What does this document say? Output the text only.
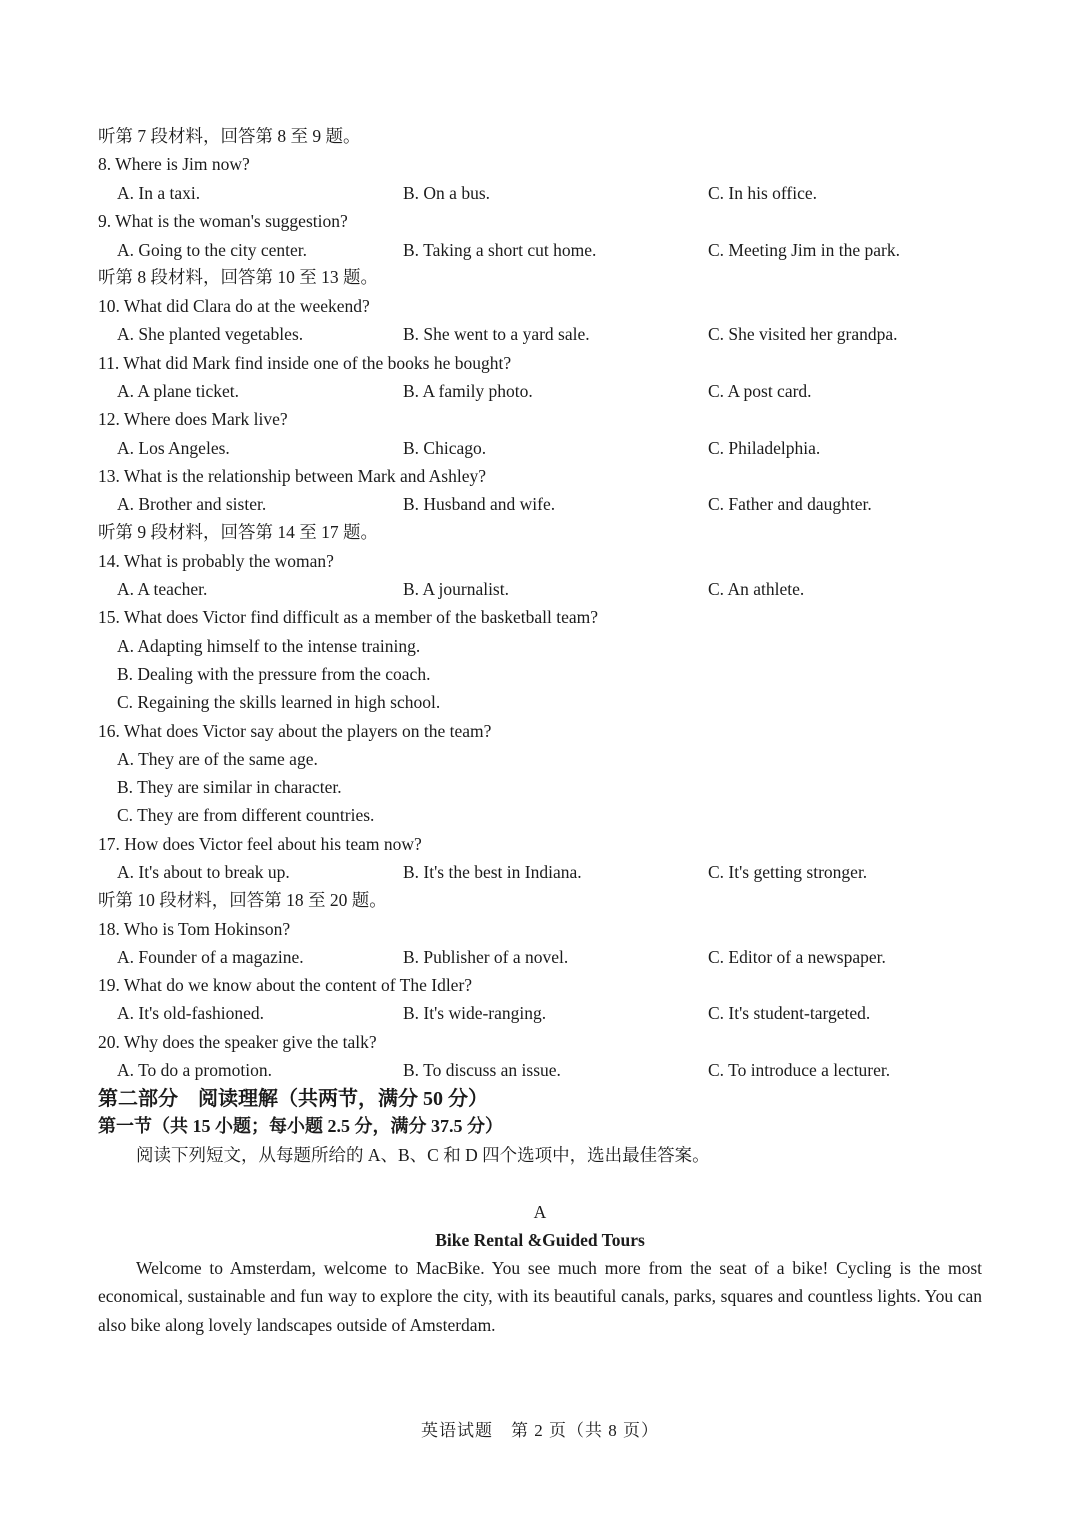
听第 7 段材料，回答第 8 至 9 题。
8. Where is Jim now?
A. In a taxi.	B. On a bus.	C. In his office.
9. What is the woman's suggestion?
A. Going to the city center.	B. Taking a short cut home.	C. Meeting Jim in the park.
听第 8 段材料，回答第 10 至 13 题。
10. What did Clara do at the weekend?
A. She planted vegetables.	B. She went to a yard sale.	C. She visited her grandpa.
11. What did Mark find inside one of the books he bought?
A. A plane ticket.	B. A family photo.	C. A post card.
12. Where does Mark live?
A. Los Angeles.	B. Chicago.	C. Philadelphia.
13. What is the relationship between Mark and Ashley?
A. Brother and sister.	B. Husband and wife.	C. Father and daughter.
听第 9 段材料，回答第 14 至 17 题。
14. What is probably the woman?
A. A teacher.	B. A journalist.	C. An athlete.
15. What does Victor find difficult as a member of the basketball team?
A. Adapting himself to the intense training.
B. Dealing with the pressure from the coach.
C. Regaining the skills learned in high school.
16. What does Victor say about the players on the team?
A. They are of the same age.
B. They are similar in character.
C. They are from different countries.
17. How does Victor feel about his team now?
A. It's about to break up.	B. It's the best in Indiana.	C. It's getting stronger.
听第 10 段材料，回答第 18 至 20 题。
18. Who is Tom Hokinson?
A. Founder of a magazine.	B. Publisher of a novel.	C. Editor of a newspaper.
19. What do we know about the content of The Idler?
A. It's old-fashioned.	B. It's wide-ranging.	C. It's student-targeted.
20. Why does the speaker give the talk?
A. To do a promotion.	B. To discuss an issue.	C. To introduce a lecturer.
第二部分　阅读理解（共两节，满分 50 分）
第一节（共 15 小题；每小题 2.5 分，满分 37.5 分）
阅读下列短文，从每题所给的 A、B、C 和 D 四个选项中，选出最佳答案。
A
Bike Rental &Guided Tours
Welcome to Amsterdam, welcome to MacBike. You see much more from the seat of a bike! Cycling is the most economical, sustainable and fun way to explore the city, with its beautiful canals, parks, squares and countless lights. You can also bike along lovely landscapes outside of Amsterdam.
英语试题　第 2 页（共 8 页）
